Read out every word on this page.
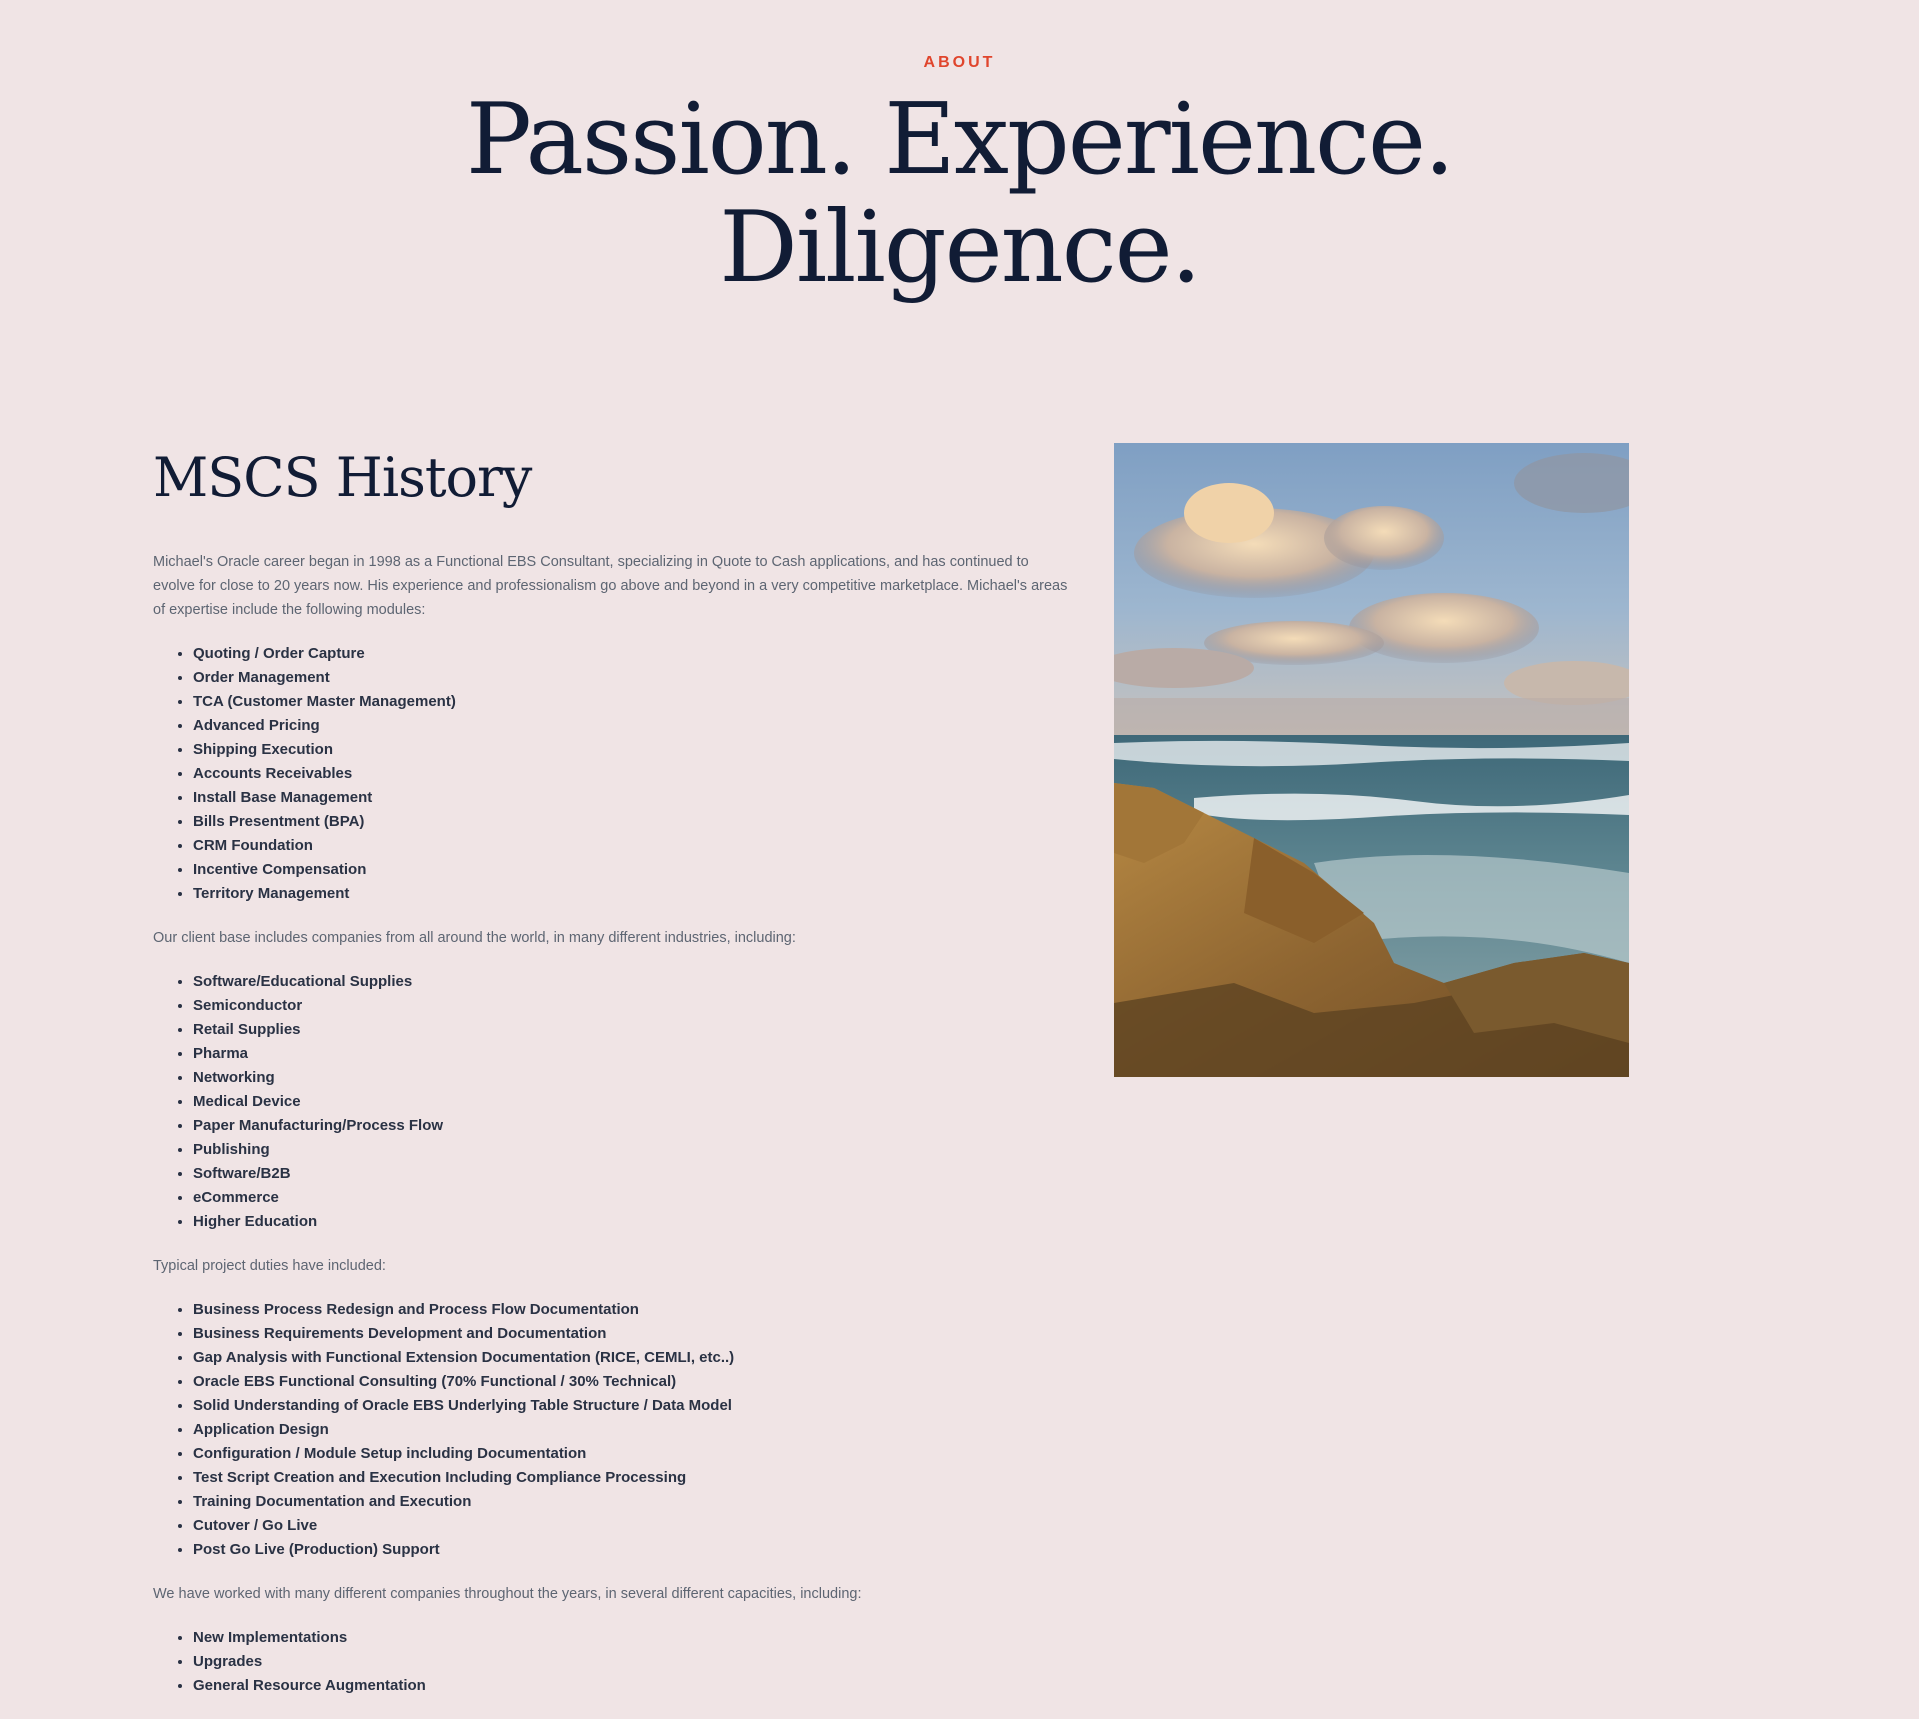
ABOUT
Passion. Experience.
Diligence.
MSCS History

Michael's Oracle career began in 1998 as a Functional EBS Consultant, specializing in Quote to Cash applications, and has continued to evolve for close to 20 years now. His experience and professionalism go above and beyond in a very competitive marketplace. Michael's areas of expertise include the following modules:

• Quoting / Order Capture
• Order Management
• TCA (Customer Master Management)
• Advanced Pricing
• Shipping Execution
• Accounts Receivables
• Install Base Management
• Bills Presentment (BPA)
• CRM Foundation
• Incentive Compensation
• Territory Management

Our client base includes companies from all around the world, in many different industries, including:

• Software/Educational Supplies
• Semiconductor
• Retail Supplies
• Pharma
• Networking
• Medical Device
• Paper Manufacturing/Process Flow
• Publishing
• Software/B2B
• eCommerce
• Higher Education

Typical project duties have included:

• Business Process Redesign and Process Flow Documentation
• Business Requirements Development and Documentation
• Gap Analysis with Functional Extension Documentation (RICE, CEMLI, etc..)
• Oracle EBS Functional Consulting (70% Functional / 30% Technical)
• Solid Understanding of Oracle EBS Underlying Table Structure / Data Model
• Application Design
• Configuration / Module Setup including Documentation
• Test Script Creation and Execution Including Compliance Processing
• Training Documentation and Execution
• Cutover / Go Live
• Post Go Live (Production) Support

We have worked with many different companies throughout the years, in several different capacities, including:

• New Implementations
• Upgrades
• General Resource Augmentation
